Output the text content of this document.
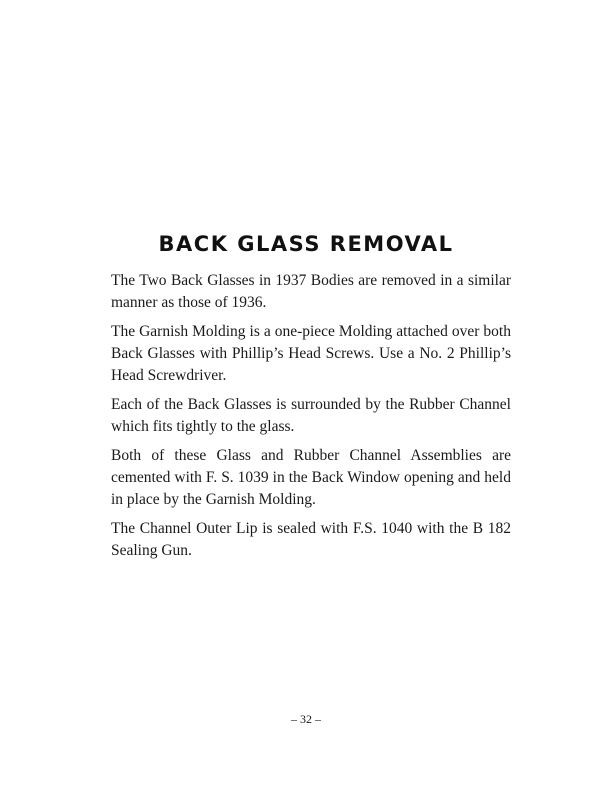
BACK GLASS REMOVAL

The Two Back Glasses in 1937 Bodies are removed in a similar manner as those of 1936.

The Garnish Molding is a one-piece Molding attached over both Back Glasses with Phillip’s Head Screws. Use a No. 2 Phillip’s Head Screwdriver.

Each of the Back Glasses is surrounded by the Rubber Channel which fits tightly to the glass.

Both of these Glass and Rubber Channel Assemblies are cemented with F. S. 1039 in the Back Window opening and held in place by the Garnish Molding.

The Channel Outer Lip is sealed with F.S. 1040 with the B 182 Sealing Gun.

– 32 –
